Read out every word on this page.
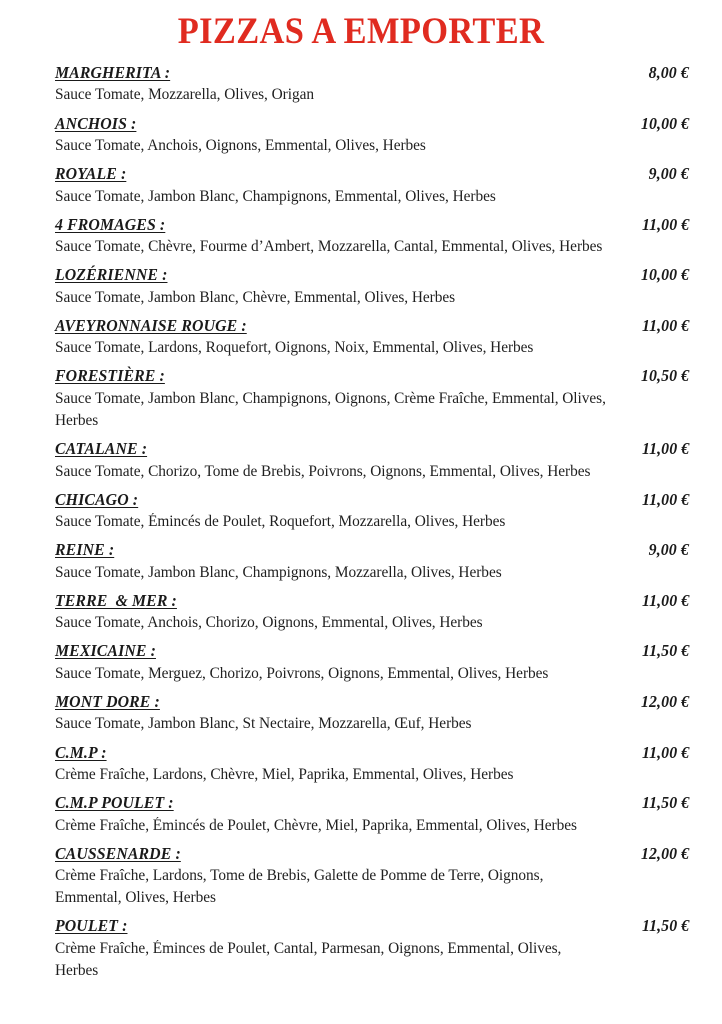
PIZZAS A EMPORTER
MARGHERITA :	8,00 €
Sauce Tomate, Mozzarella, Olives, Origan
ANCHOIS :	10,00 €
Sauce Tomate, Anchois, Oignons, Emmental, Olives, Herbes
ROYALE :	9,00 €
Sauce Tomate, Jambon Blanc, Champignons, Emmental, Olives, Herbes
4 FROMAGES :	11,00 €
Sauce Tomate, Chèvre, Fourme d’Ambert, Mozzarella, Cantal, Emmental, Olives, Herbes
LOZÉRIENNE :	10,00 €
Sauce Tomate, Jambon Blanc, Chèvre, Emmental, Olives, Herbes
AVEYRONNAISE ROUGE :	11,00 €
Sauce Tomate, Lardons, Roquefort, Oignons, Noix, Emmental, Olives, Herbes
FORESTIÈRE :	10,50 €
Sauce Tomate, Jambon Blanc, Champignons, Oignons, Crème Fraîche, Emmental, Olives, Herbes
CATALANE :	11,00 €
Sauce Tomate, Chorizo, Tome de Brebis, Poivrons, Oignons, Emmental, Olives, Herbes
CHICAGO :	11,00 €
Sauce Tomate, Émincés de Poulet, Roquefort, Mozzarella, Olives, Herbes
REINE :	9,00 €
Sauce Tomate, Jambon Blanc, Champignons, Mozzarella, Olives, Herbes
TERRE  & MER :	11,00 €
Sauce Tomate, Anchois, Chorizo, Oignons, Emmental, Olives, Herbes
MEXICAINE :	11,50 €
Sauce Tomate, Merguez, Chorizo, Poivrons, Oignons, Emmental, Olives, Herbes
MONT DORE :	12,00 €
Sauce Tomate, Jambon Blanc, St Nectaire, Mozzarella, Œuf, Herbes
C.M.P :	11,00 €
Crème Fraîche, Lardons, Chèvre, Miel, Paprika, Emmental, Olives, Herbes
C.M.P POULET :	11,50 €
Crème Fraîche, Émincés de Poulet, Chèvre, Miel, Paprika, Emmental, Olives, Herbes
CAUSSENARDE :	12,00 €
Crème Fraîche, Lardons, Tome de Brebis, Galette de Pomme de Terre, Oignons, Emmental, Olives, Herbes
POULET :	11,50 €
Crème Fraîche, Éminces de Poulet, Cantal, Parmesan, Oignons, Emmental, Olives, Herbes
